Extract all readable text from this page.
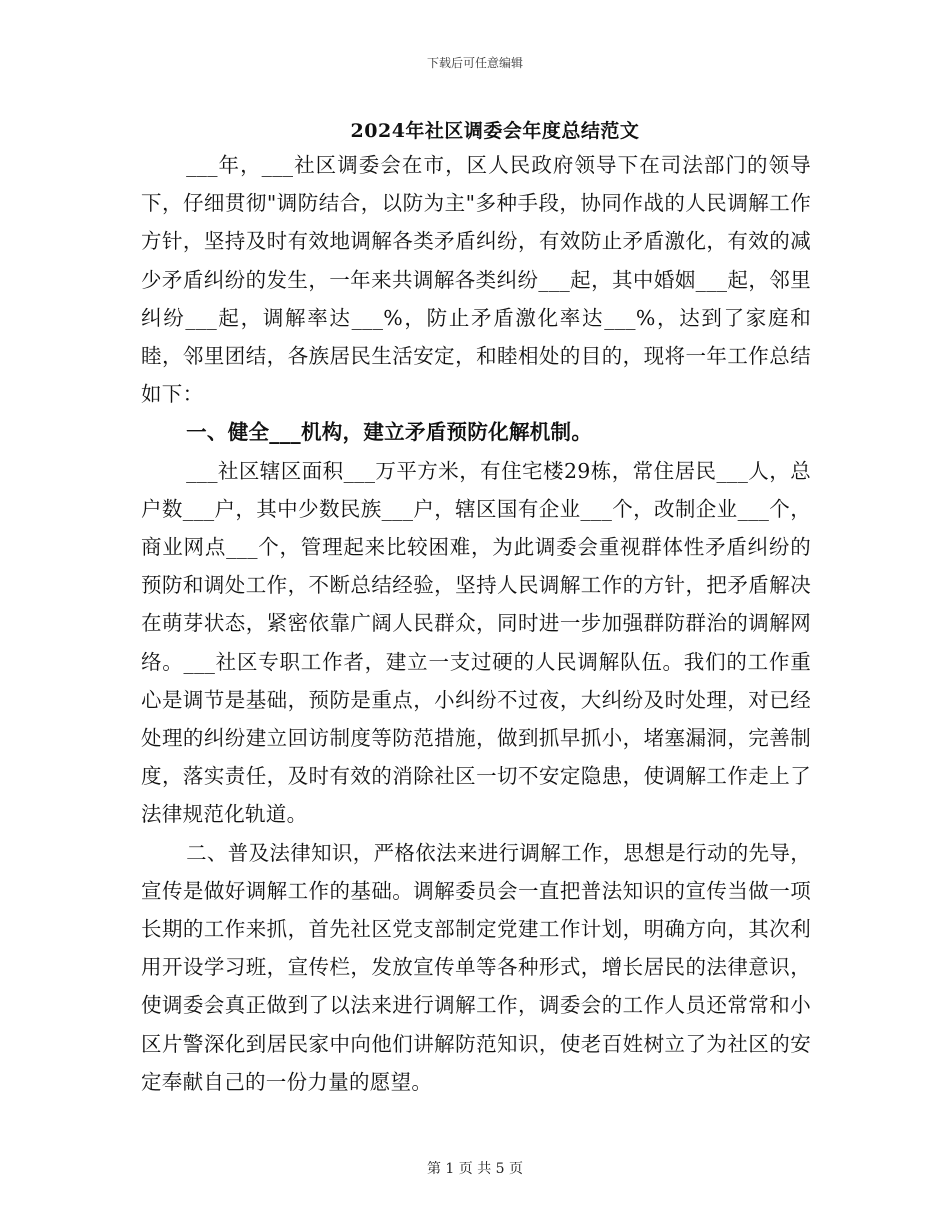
下载后可任意编辑
2024年社区调委会年度总结范文

___年，___社区调委会在市，区人民政府领导下在司法部门的领导下，仔细贯彻"调防结合，以防为主"多种手段，协同作战的人民调解工作方针，坚持及时有效地调解各类矛盾纠纷，有效防止矛盾激化，有效的减少矛盾纠纷的发生，一年来共调解各类纠纷___起，其中婚姻___起，邻里纠纷___起，调解率达___%，防止矛盾激化率达___%，达到了家庭和睦，邻里团结，各族居民生活安定，和睦相处的目的，现将一年工作总结如下：

一、健全___机构，建立矛盾预防化解机制。

___社区辖区面积___万平方米，有住宅楼29栋，常住居民___人，总户数___户，其中少数民族___户，辖区国有企业___个，改制企业___个，商业网点___个，管理起来比较困难，为此调委会重视群体性矛盾纠纷的预防和调处工作，不断总结经验，坚持人民调解工作的方针，把矛盾解决在萌芽状态，紧密依靠广阔人民群众，同时进一步加强群防群治的调解网络。___社区专职工作者，建立一支过硬的人民调解队伍。我们的工作重心是调节是基础，预防是重点，小纠纷不过夜，大纠纷及时处理，对已经处理的纠纷建立回访制度等防范措施，做到抓早抓小，堵塞漏洞，完善制度，落实责任，及时有效的消除社区一切不安定隐患，使调解工作走上了法律规范化轨道。

二、普及法律知识，严格依法来进行调解工作，思想是行动的先导，宣传是做好调解工作的基础。调解委员会一直把普法知识的宣传当做一项长期的工作来抓，首先社区党支部制定党建工作计划，明确方向，其次利用开设学习班，宣传栏，发放宣传单等各种形式，增长居民的法律意识，使调委会真正做到了以法来进行调解工作，调委会的工作人员还常常和小区片警深化到居民家中向他们讲解防范知识，使老百姓树立了为社区的安定奉献自己的一份力量的愿望。

第 1 页 共 5 页
